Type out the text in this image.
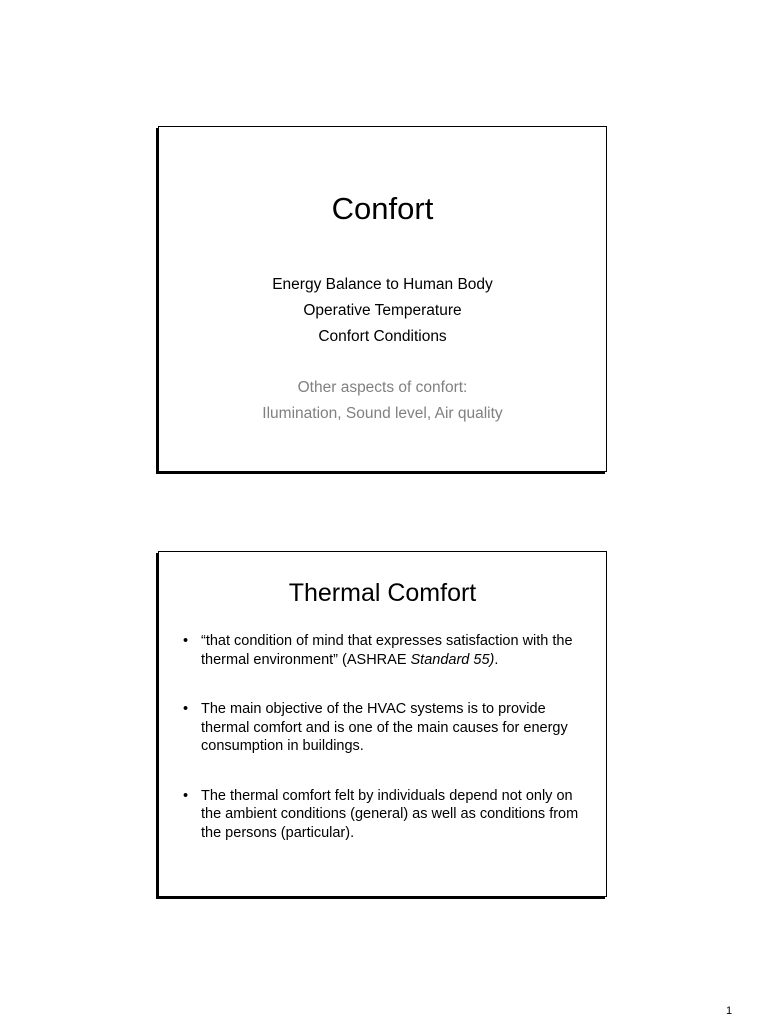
Confort
Energy Balance to Human Body
Operative Temperature
Confort Conditions
Other aspects of confort:
Ilumination, Sound level, Air quality
Thermal Comfort
• “that condition of mind that expresses satisfaction with the thermal environment” (ASHRAE Standard 55).
• The main objective of the HVAC systems is to provide thermal comfort and is one of the main causes for energy consumption in buildings.
• The thermal comfort felt by individuals depend not only on the ambient conditions (general) as well as conditions from the persons (particular).
1
